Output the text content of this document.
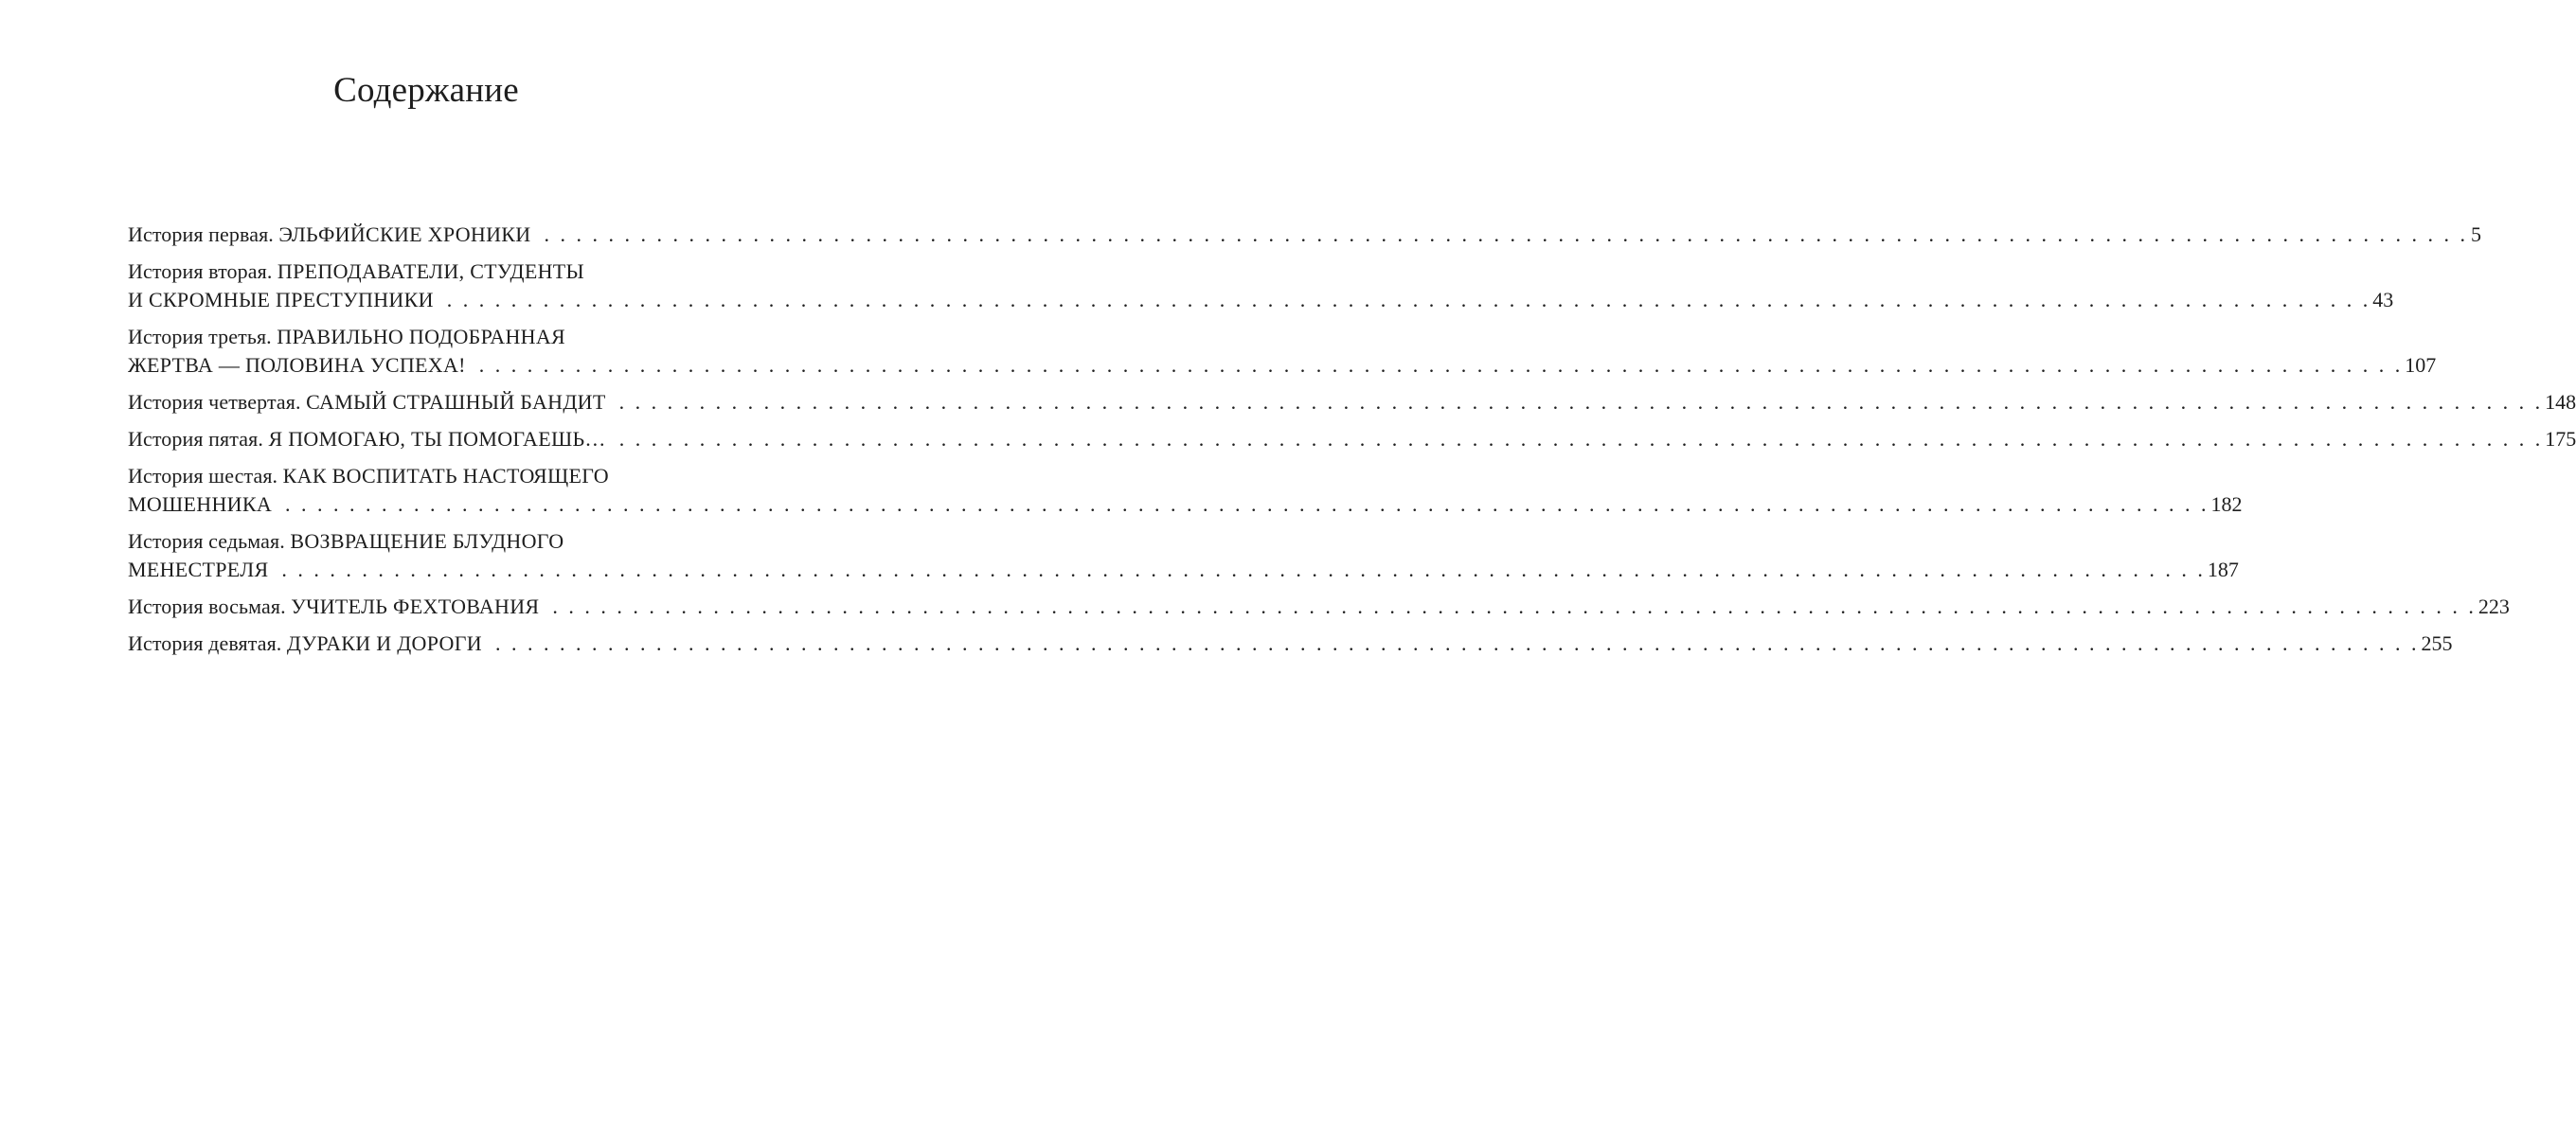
Содержание
История первая. ЭЛЬФИЙСКИЕ ХРОНИКИ . . . . . . . . . . . . . . . . . . . . . . . . . . . . . . . . . . . . . . . . . . . . . . . . . . . . . . . . . . . . . . . . . . . . . . . . . . . . . . . . . . . . . . . . . . . . . . . . . . . . . . . . . . . . . . . . . . . . . . . . 5
История вторая. ПРЕПОДАВАТЕЛИ, СТУДЕНТЫ
И СКРОМНЫЕ ПРЕСТУПНИКИ . . . . . . . . . . . . . . . . . . . . . . . . . . . . . . . . . . . . . . . . . . . . . . . . . . . . . . . . . . . . . . . . . . . . . . . . . . . . . . . . . . . . . . . . . . . . . . . . . . . . . . . . . . . . . . . . . . . . . . . . 43
История третья. ПРАВИЛЬНО ПОДОБРАННАЯ
ЖЕРТВА — ПОЛОВИНА УСПЕХА! . . . . . . . . . . . . . . . . . . . . . . . . . . . . . . . . . . . . . . . . . . . . . . . . . . . . . . . . . . . . . . . . . . . . . . . . . . . . . . . . . . . . . . . . . . . . . . . . . . . . . . . . . . . . . . . . . . . . . . . . 107
История четвертая. САМЫЙ СТРАШНЫЙ БАНДИТ . . . . . . . . . . . . . . . . . . . . . . . . . . . . . . . . . . . . . . . . . . . . . . . . . . . . . . . . . . . . . . . . . . . . . . . . . . . . . . . . . . . . . . . . . . . . . . . . . . . . . . . . . . . . . . . . . . . . . . . . 148
История пятая. Я ПОМОГАЮ, ТЫ ПОМОГАЕШЬ… . . . . . . . . . . . . . . . . . . . . . . . . . . . . . . . . . . . . . . . . . . . . . . . . . . . . . . . . . . . . . . . . . . . . . . . . . . . . . . . . . . . . . . . . . . . . . . . . . . . . . . . . . . . . . . . . . . . . . . . . 175
История шестая. КАК ВОСПИТАТЬ НАСТОЯЩЕГО
МОШЕННИКА . . . . . . . . . . . . . . . . . . . . . . . . . . . . . . . . . . . . . . . . . . . . . . . . . . . . . . . . . . . . . . . . . . . . . . . . . . . . . . . . . . . . . . . . . . . . . . . . . . . . . . . . . . . . . . . . . . . . . . . . 182
История седьмая. ВОЗВРАЩЕНИЕ БЛУДНОГО
МЕНЕСТРЕЛЯ . . . . . . . . . . . . . . . . . . . . . . . . . . . . . . . . . . . . . . . . . . . . . . . . . . . . . . . . . . . . . . . . . . . . . . . . . . . . . . . . . . . . . . . . . . . . . . . . . . . . . . . . . . . . . . . . . . . . . . . . 187
История восьмая. УЧИТЕЛЬ ФЕХТОВАНИЯ . . . . . . . . . . . . . . . . . . . . . . . . . . . . . . . . . . . . . . . . . . . . . . . . . . . . . . . . . . . . . . . . . . . . . . . . . . . . . . . . . . . . . . . . . . . . . . . . . . . . . . . . . . . . . . . . . . . . . . . . 223
История девятая. ДУРАКИ И ДОРОГИ . . . . . . . . . . . . . . . . . . . . . . . . . . . . . . . . . . . . . . . . . . . . . . . . . . . . . . . . . . . . . . . . . . . . . . . . . . . . . . . . . . . . . . . . . . . . . . . . . . . . . . . . . . . . . . . . . . . . . . . . 255
